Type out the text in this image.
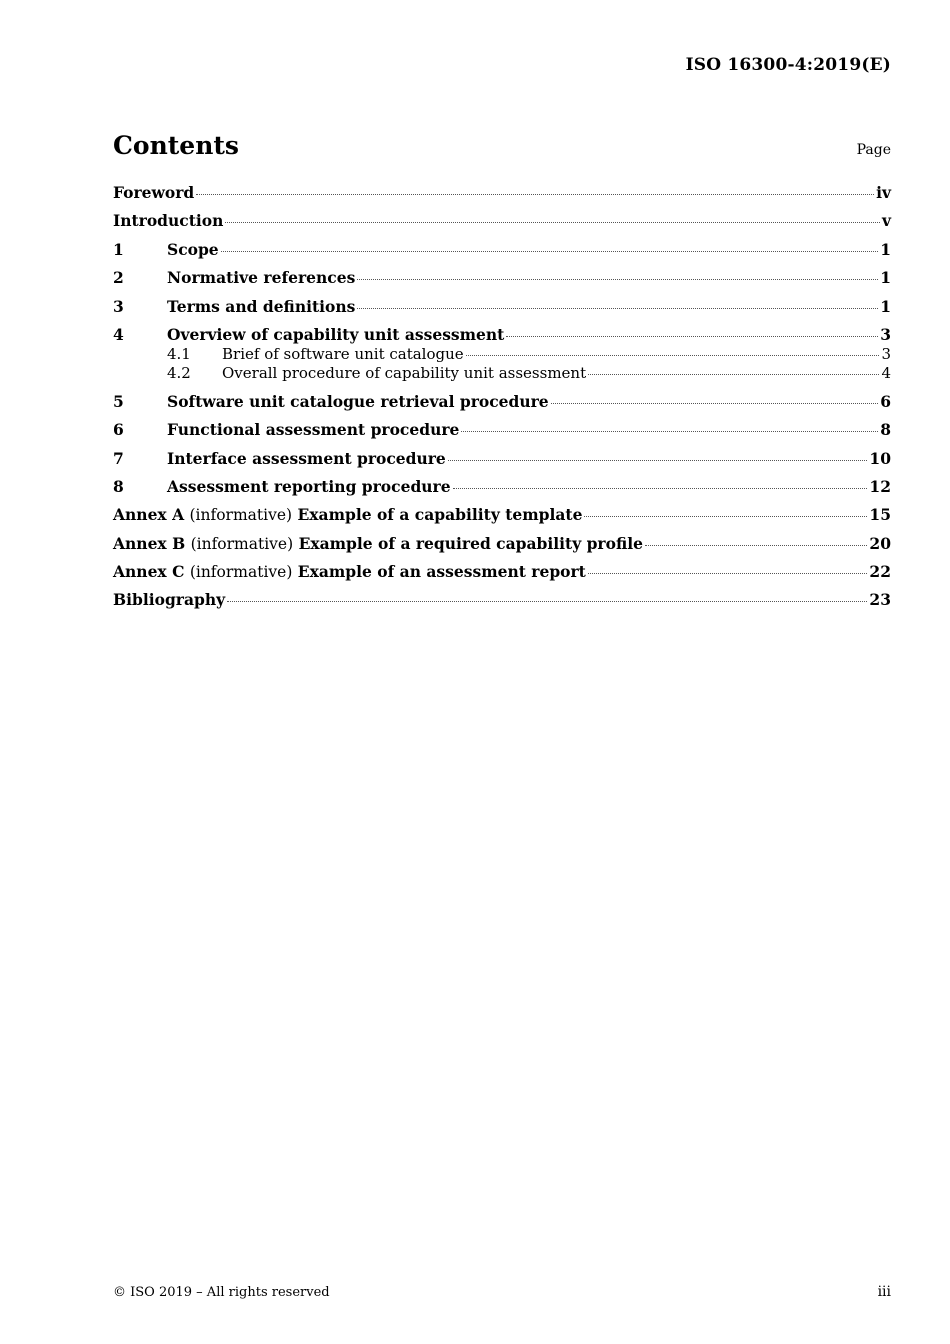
ISO 16300-4:2019(E)
Contents	Page
Foreword	iv
Introduction	v
1	Scope	1
2	Normative references	1
3	Terms and definitions	1
4	Overview of capability unit assessment	3
4.1	Brief of software unit catalogue	3
4.2	Overall procedure of capability unit assessment	4
5	Software unit catalogue retrieval procedure	6
6	Functional assessment procedure	8
7	Interface assessment procedure	10
8	Assessment reporting procedure	12
Annex A (informative) Example of a capability template	15
Annex B (informative) Example of a required capability profile	20
Annex C (informative) Example of an assessment report	22
Bibliography	23
© ISO 2019 – All rights reserved	iii
